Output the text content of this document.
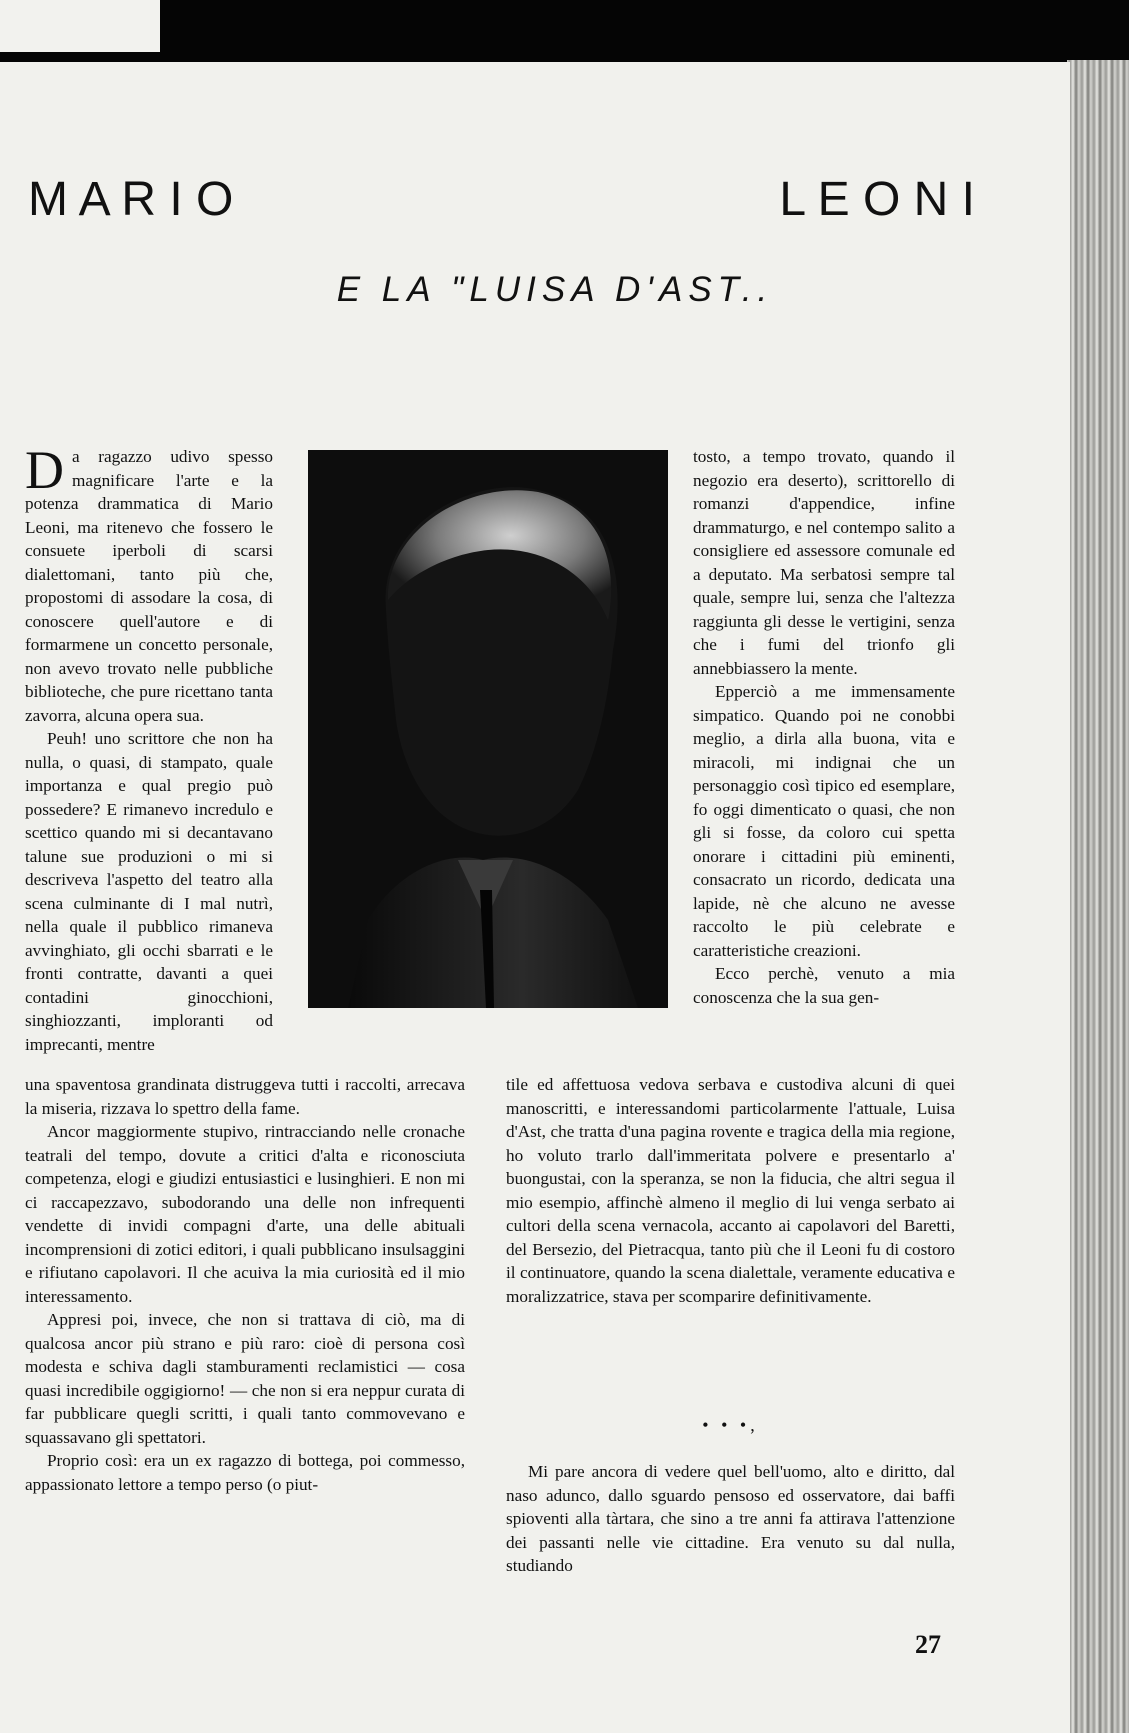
M A R I O	L E O N I
E LA "LUISA D'AST..

Da ragazzo udivo spesso magnificare l'arte e la potenza drammatica di Mario Leoni, ma ritenevo che fossero le consuete iperboli di scarsi dialettomani, tanto più che, propostomi di assodare la cosa, di conoscere quell'autore e di formarmene un concetto personale, non avevo trovato nelle pubbliche biblioteche, che pure ricettano tanta zavorra, alcuna opera sua.

Peuh! uno scrittore che non ha nulla, o quasi, di stampato, quale importanza e qual pregio può possedere? E rimanevo incredulo e scettico quando mi si decantavano talune sue produzioni o mi si descriveva l'aspetto del teatro alla scena culminante di I mal nutrì, nella quale il pubblico rimaneva avvinghiato, gli occhi sbarrati e le fronti contratte, davanti a quei contadini ginocchioni, singhiozzanti, imploranti od imprecanti, mentre

tosto, a tempo trovato, quando il negozio era deserto), scrittorello di romanzi d'appendice, infine drammaturgo, e nel contempo salito a consigliere ed assessore comunale ed a deputato. Ma serbatosi sempre tal quale, sempre lui, senza che l'altezza raggiunta gli desse le vertigini, senza che i fumi del trionfo gli annebbiassero la mente.

Epperciò a me immensamente simpatico. Quando poi ne conobbi meglio, a dirla alla buona, vita e miracoli, mi indignai che un personaggio così tipico ed esemplare, fo oggi dimenticato o quasi, che non gli si fosse, da coloro cui spetta onorare i cittadini più eminenti, consacrato un ricordo, dedicata una lapide, nè che alcuno ne avesse raccolto le più celebrate e caratteristiche creazioni.

Ecco perchè, venuto a mia conoscenza che la sua gen-

una spaventosa grandinata distruggeva tutti i raccolti, arrecava la miseria, rizzava lo spettro della fame.

Ancor maggiormente stupivo, rintracciando nelle cronache teatrali del tempo, dovute a critici d'alta e riconosciuta competenza, elogi e giudizi entusiastici e lusinghieri. E non mi ci raccapezzavo, subodorando una delle non infrequenti vendette di invidi compagni d'arte, una delle abituali incomprensioni di zotici editori, i quali pubblicano insulsaggini e rifiutano capolavori. Il che acuiva la mia curiosità ed il mio interessamento.

Appresi poi, invece, che non si trattava di ciò, ma di qualcosa ancor più strano e più raro: cioè di persona così modesta e schiva dagli stamburamenti reclamistici — cosa quasi incredibile oggigiorno! — che non si era neppur curata di far pubblicare quegli scritti, i quali tanto commovevano e squassavano gli spettatori.

Proprio così: era un ex ragazzo di bottega, poi commesso, appassionato lettore a tempo perso (o piut-

tile ed affettuosa vedova serbava e custodiva alcuni di quei manoscritti, e interessandomi particolarmente l'attuale, Luisa d'Ast, che tratta d'una pagina rovente e tragica della mia regione, ho voluto trarlo dall'immeritata polvere e presentarlo a' buongustai, con la speranza, se non la fiducia, che altri segua il mio esempio, affinchè almeno il meglio di lui venga serbato ai cultori della scena vernacola, accanto ai capolavori del Baretti, del Bersezio, del Pietracqua, tanto più che il Leoni fu di costoro il continuatore, quando la scena dialettale, veramente educativa e moralizzatrice, stava per scomparire definitivamente.

• • •,

Mi pare ancora di vedere quel bell'uomo, alto e diritto, dal naso adunco, dallo sguardo pensoso ed osservatore, dai baffi spioventi alla tàrtara, che sino a tre anni fa attirava l'attenzione dei passanti nelle vie cittadine. Era venuto su dal nulla, studiando

27
